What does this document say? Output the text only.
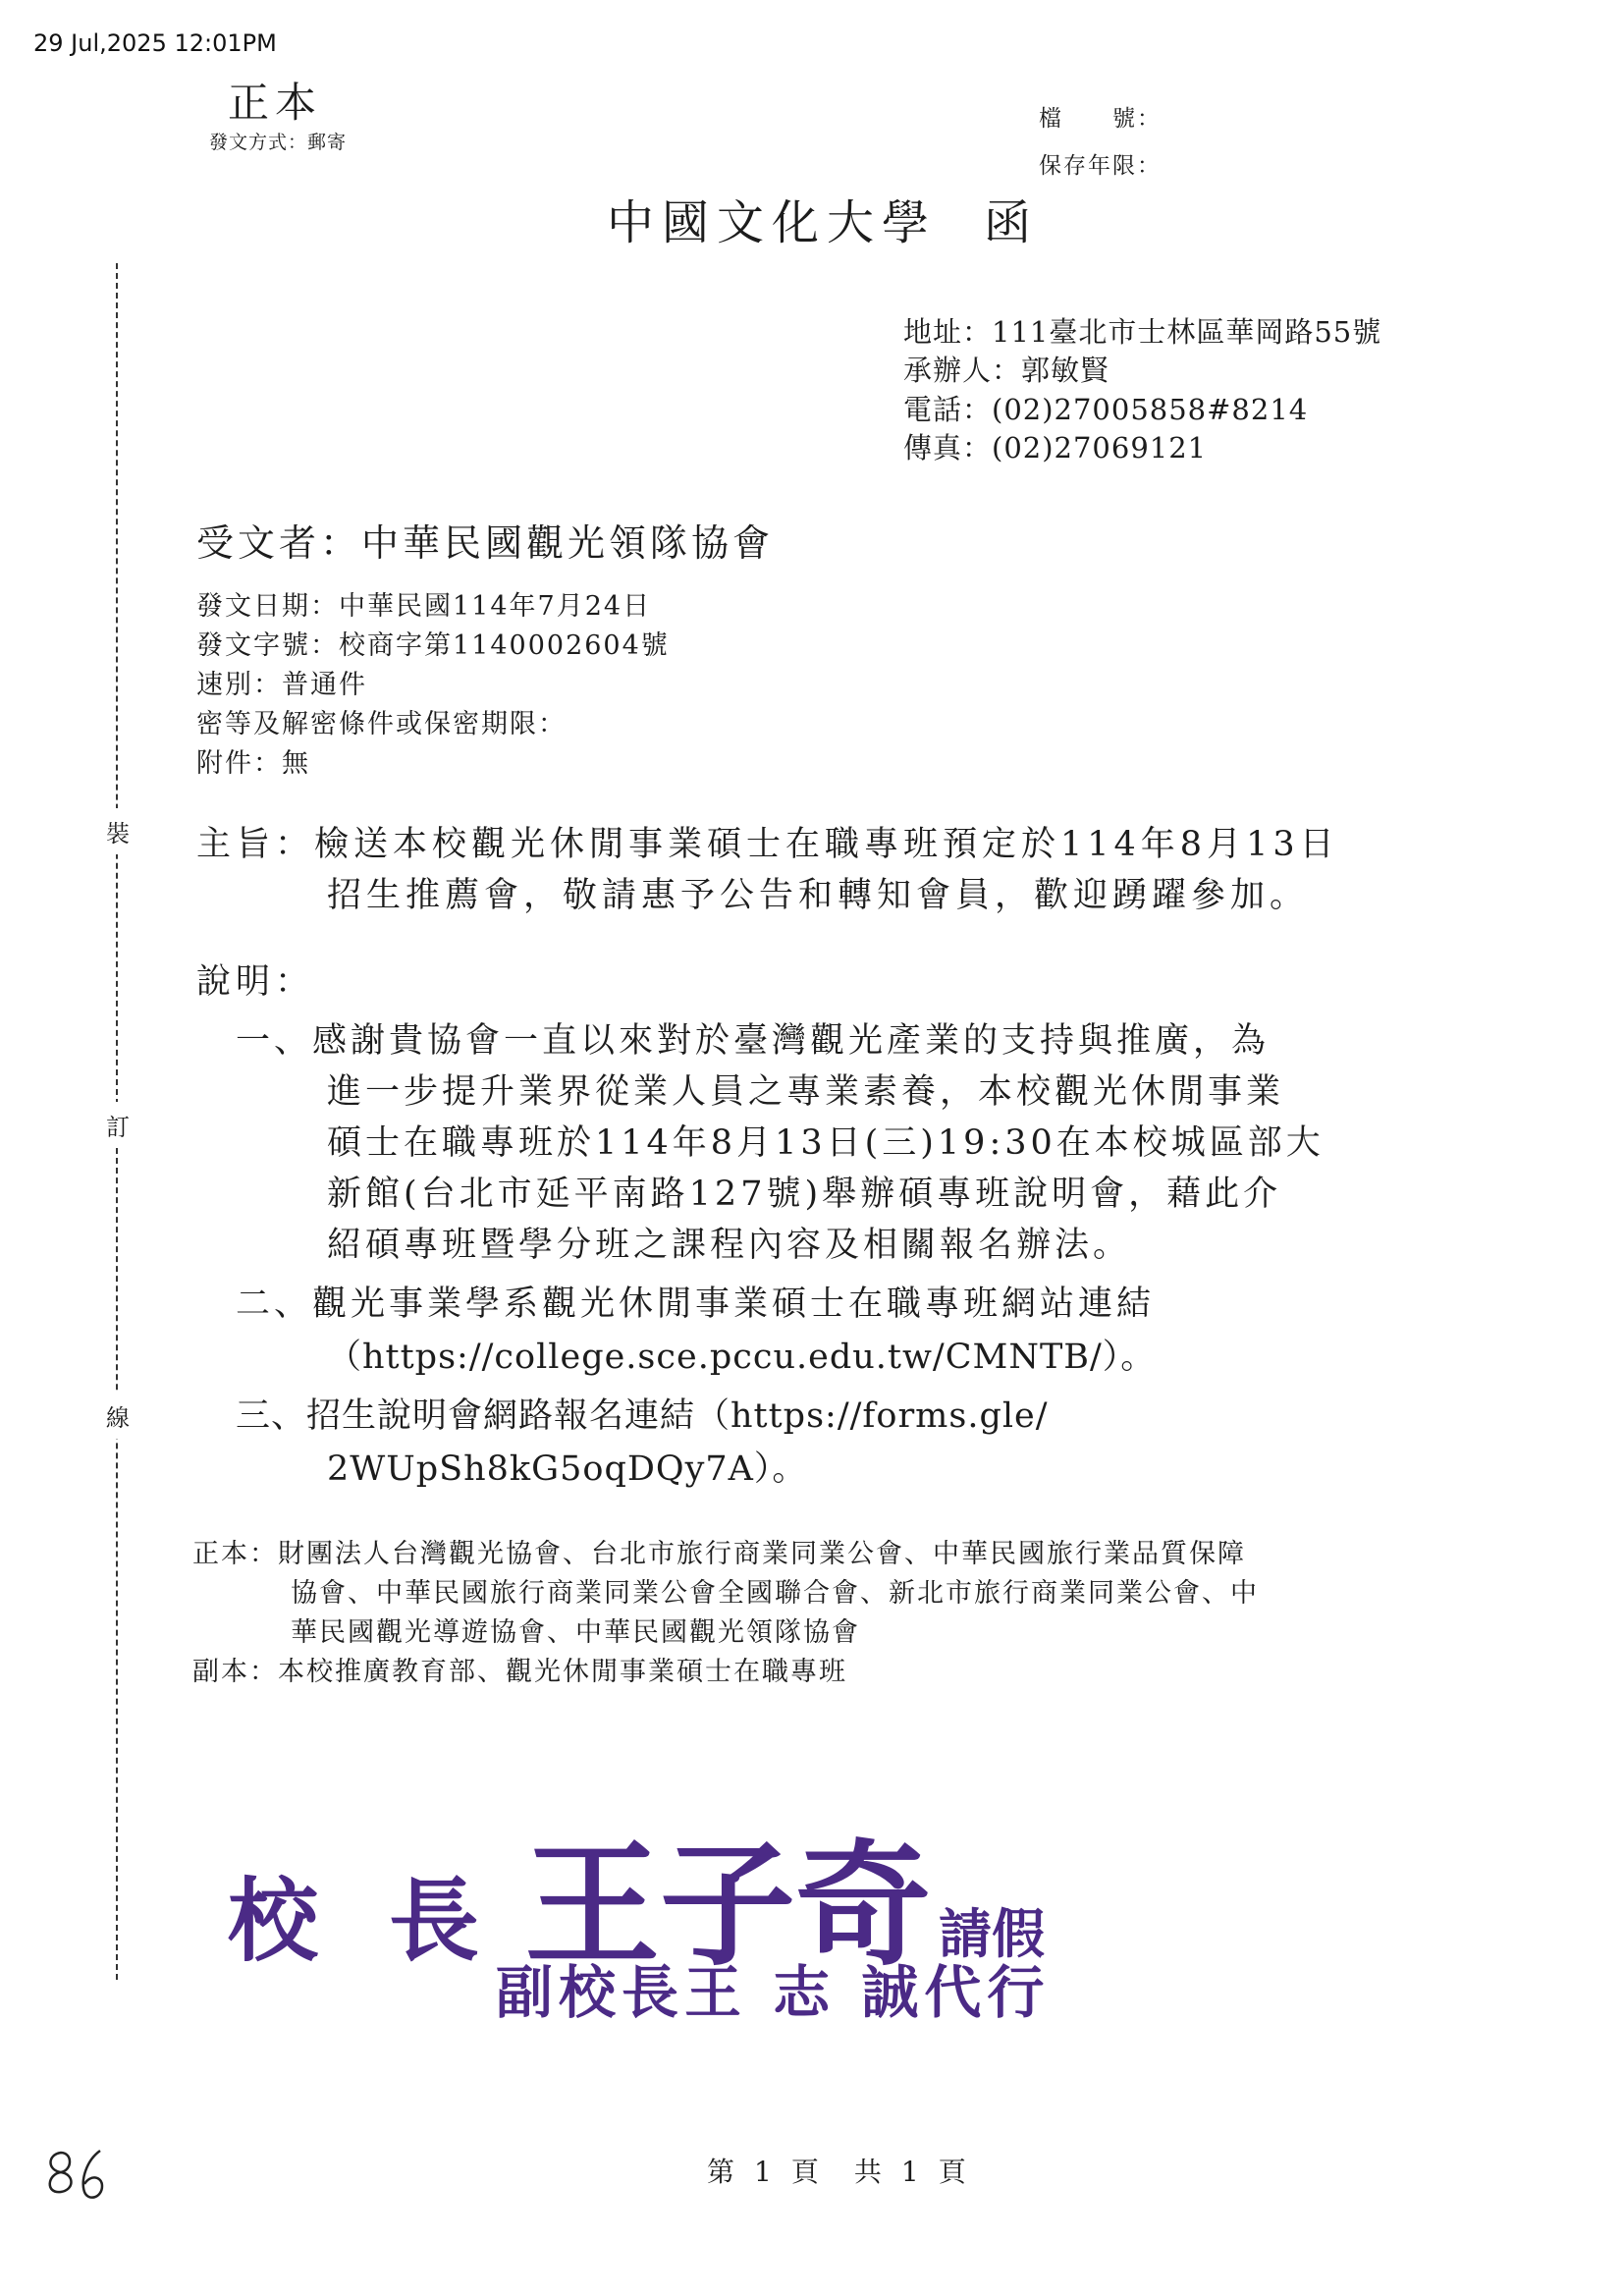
29 Jul,2025 12:01PM
正本
發文方式：郵寄
檔　　號：
保存年限：
中國文化大學 函
地址：111臺北市士林區華岡路55號
承辦人：郭敏賢
電話：(02)27005858#8214
傳真：(02)27069121
裝
訂
線
受文者：中華民國觀光領隊協會
發文日期：中華民國114年7月24日
發文字號：校商字第1140002604號
速別：普通件
密等及解密條件或保密期限：
附件：無
主旨：檢送本校觀光休閒事業碩士在職專班預定於114年8月13日
招生推薦會，敬請惠予公告和轉知會員，歡迎踴躍參加。
說明：
一、感謝貴協會一直以來對於臺灣觀光產業的支持與推廣，為
進一步提升業界從業人員之專業素養，本校觀光休閒事業
碩士在職專班於114年8月13日(三)19:30在本校城區部大
新館(台北市延平南路127號)舉辦碩專班說明會，藉此介
紹碩專班暨學分班之課程內容及相關報名辦法。
二、觀光事業學系觀光休閒事業碩士在職專班網站連結
（https://college.sce.pccu.edu.tw/CMNTB/）。
三、招生說明會網路報名連結（https://forms.gle/
2WUpSh8kG5oqDQy7A）。
正本：財團法人台灣觀光協會、台北市旅行商業同業公會、中華民國旅行業品質保障
協會、中華民國旅行商業同業公會全國聯合會、新北市旅行商業同業公會、中
華民國觀光導遊協會、中華民國觀光領隊協會
副本：本校推廣教育部、觀光休閒事業碩士在職專班
校 長 王子奇 請假
副校長王 志 誠代行
第 1 頁　共 1 頁
